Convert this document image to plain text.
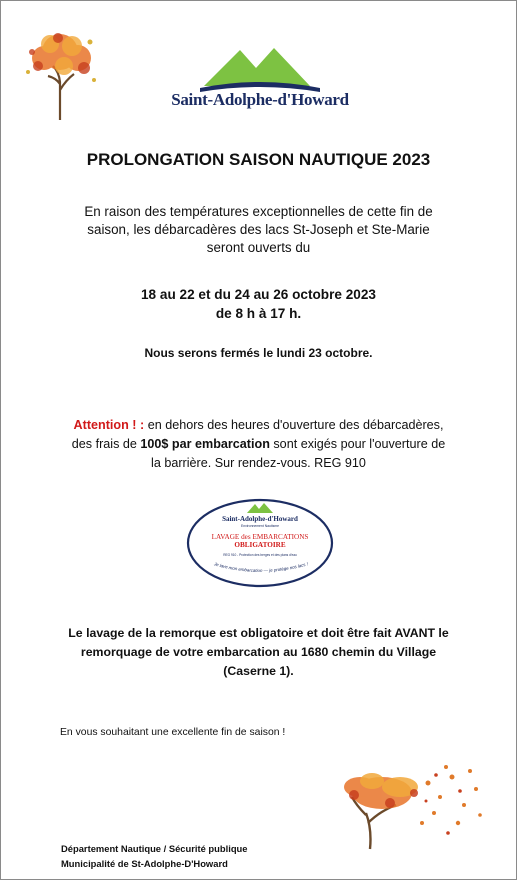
Saint-Adolphe-d'Howard
PROLONGATION SAISON NAUTIQUE 2023
En raison des températures exceptionnelles de cette fin de
saison, les débarcadères des lacs St-Joseph et Ste-Marie
seront ouverts du
18 au 22 et du 24 au 26 octobre 2023
de 8 h à 17 h.
Nous serons fermés le lundi 23 octobre.
Attention ! : en dehors des heures d'ouverture des débarcadères,
des frais de 100$ par embarcation sont exigés pour l'ouverture de
la barrière. Sur rendez-vous. REG 910
Saint-Adolphe-d'Howard
Environnement Nautisme
LAVAGE des EMBARCATIONS
OBLIGATOIRE
REG 910 - Protection des berges et des plans d'eau
Je lave mon embarcation — je protège nos lacs !
Le lavage de la remorque est obligatoire et doit être fait AVANT le
remorquage de votre embarcation au 1680 chemin du Village
(Caserne 1).
En vous souhaitant une excellente fin de saison !
Département Nautique / Sécurité publique
Municipalité de St-Adolphe-D'Howard
